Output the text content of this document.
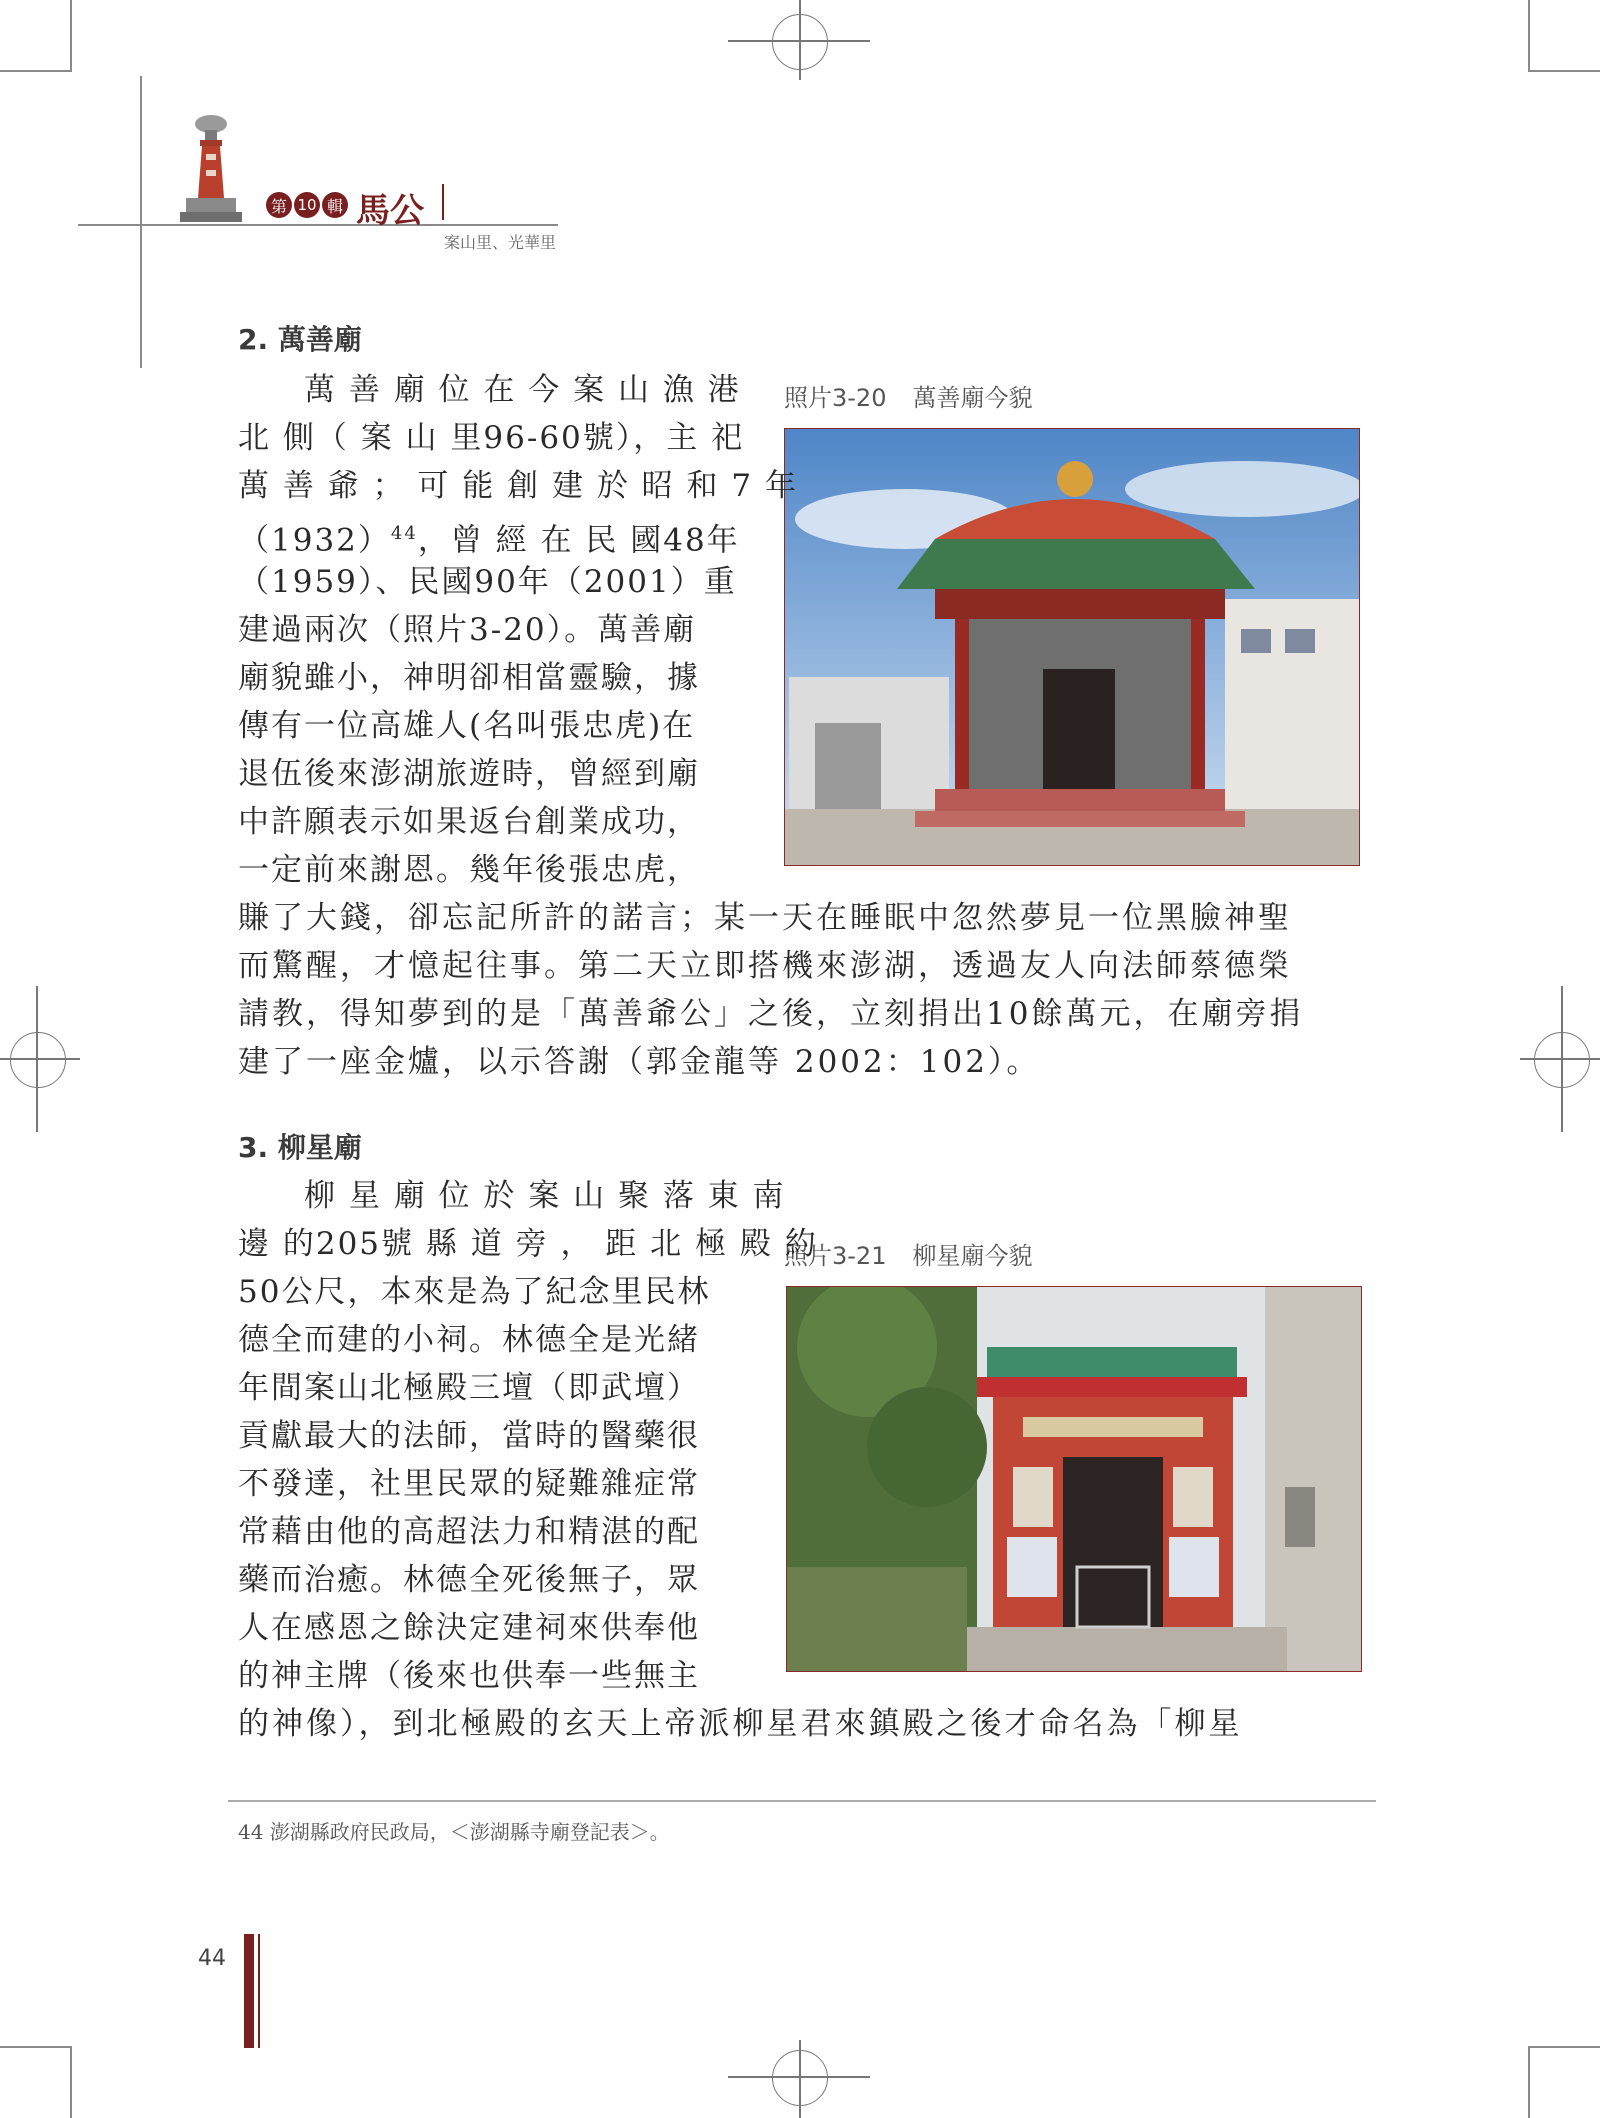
第 10 輯 馬公
案山里、光華里
2. 萬善廟
照片3-20 萬善廟今貌
　　萬 善 廟 位 在 今 案 山 漁 港
北 側（ 案 山 里96-60號），主 祀
萬 善 爺 ； 可 能 創 建 於 昭 和 7 年
$(1932)^{44}$，曾 經 在 民 國48年
（1959）、民國90年（2001）重
建過兩次（照片3-20）。萬善廟
廟貌雖小，神明卻相當靈驗，據
傳有一位高雄人(名叫張忠虎)在
退伍後來澎湖旅遊時，曾經到廟
中許願表示如果返台創業成功，
一定前來謝恩。幾年後張忠虎，
賺了大錢，卻忘記所許的諾言；某一天在睡眠中忽然夢見一位黑臉神聖
而驚醒，才憶起往事。第二天立即搭機來澎湖，透過友人向法師蔡德榮
請教，得知夢到的是「萬善爺公」之後，立刻捐出10餘萬元，在廟旁捐
建了一座金爐，以示答謝（郭金龍等 2002：102）。
3. 柳星廟
照片3-21 柳星廟今貌
　　柳 星 廟 位 於 案 山 聚 落 東 南
邊 的205號 縣 道 旁 ， 距 北 極 殿 約
50公尺，本來是為了紀念里民林
德全而建的小祠。林德全是光緒
年間案山北極殿三壇（即武壇）
貢獻最大的法師，當時的醫藥很
不發達，社里民眾的疑難雜症常
常藉由他的高超法力和精湛的配
藥而治癒。林德全死後無子，眾
人在感恩之餘決定建祠來供奉他
的神主牌（後來也供奉一些無主
的神像），到北極殿的玄天上帝派柳星君來鎮殿之後才命名為「柳星
44 澎湖縣政府民政局，＜澎湖縣寺廟登記表＞。
44
